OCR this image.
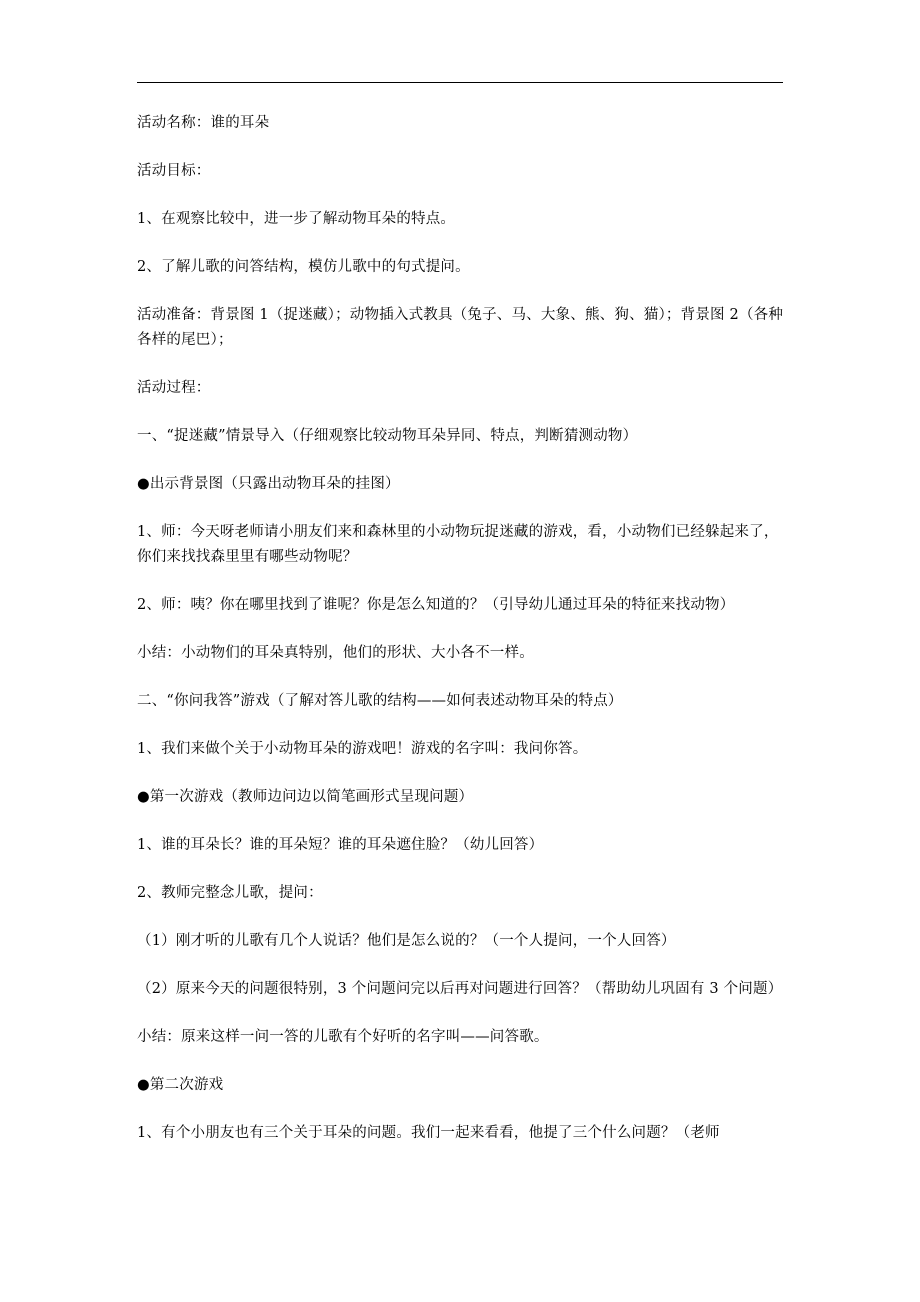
活动名称：谁的耳朵

活动目标：

1、在观察比较中，进一步了解动物耳朵的特点。

2、了解儿歌的问答结构，模仿儿歌中的句式提问。

活动准备：背景图 1（捉迷藏）；动物插入式教具（兔子、马、大象、熊、狗、猫）；背景图 2（各种各样的尾巴）；

活动过程：

一、“捉迷藏”情景导入（仔细观察比较动物耳朵异同、特点，判断猜测动物）

●出示背景图（只露出动物耳朵的挂图）

1、师：今天呀老师请小朋友们来和森林里的小动物玩捉迷藏的游戏，看，小动物们已经躲起来了，你们来找找森里里有哪些动物呢？

2、师：咦？你在哪里找到了谁呢？你是怎么知道的？（引导幼儿通过耳朵的特征来找动物）

小结：小动物们的耳朵真特别，他们的形状、大小各不一样。

二、“你问我答”游戏（了解对答儿歌的结构——如何表述动物耳朵的特点）

1、我们来做个关于小动物耳朵的游戏吧！游戏的名字叫：我问你答。

●第一次游戏（教师边问边以简笔画形式呈现问题）

1、谁的耳朵长？谁的耳朵短？谁的耳朵遮住脸？（幼儿回答）

2、教师完整念儿歌，提问：

（1）刚才听的儿歌有几个人说话？他们是怎么说的？（一个人提问，一个人回答）

（2）原来今天的问题很特别，3 个问题问完以后再对问题进行回答？（帮助幼儿巩固有 3 个问题）

小结：原来这样一问一答的儿歌有个好听的名字叫——问答歌。

●第二次游戏

1、有个小朋友也有三个关于耳朵的问题。我们一起来看看，他提了三个什么问题？（老师
